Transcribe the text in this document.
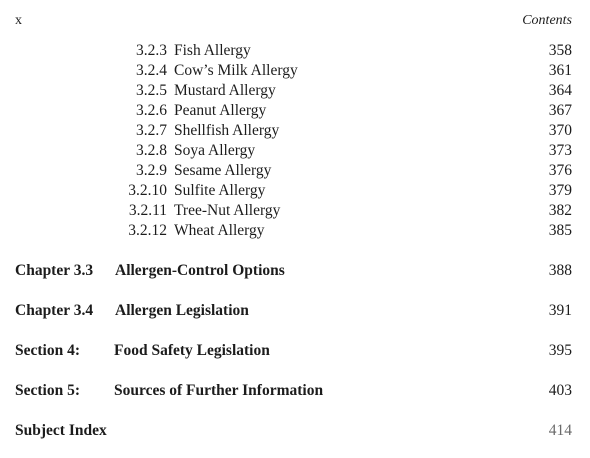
x	Contents
3.2.3 Fish Allergy	358
3.2.4 Cow’s Milk Allergy	361
3.2.5 Mustard Allergy	364
3.2.6 Peanut Allergy	367
3.2.7 Shellfish Allergy	370
3.2.8 Soya Allergy	373
3.2.9 Sesame Allergy	376
3.2.10 Sulfite Allergy	379
3.2.11 Tree-Nut Allergy	382
3.2.12 Wheat Allergy	385
Chapter 3.3 Allergen-Control Options	388
Chapter 3.4 Allergen Legislation	391
Section 4: Food Safety Legislation	395
Section 5: Sources of Further Information	403
Subject Index	414
